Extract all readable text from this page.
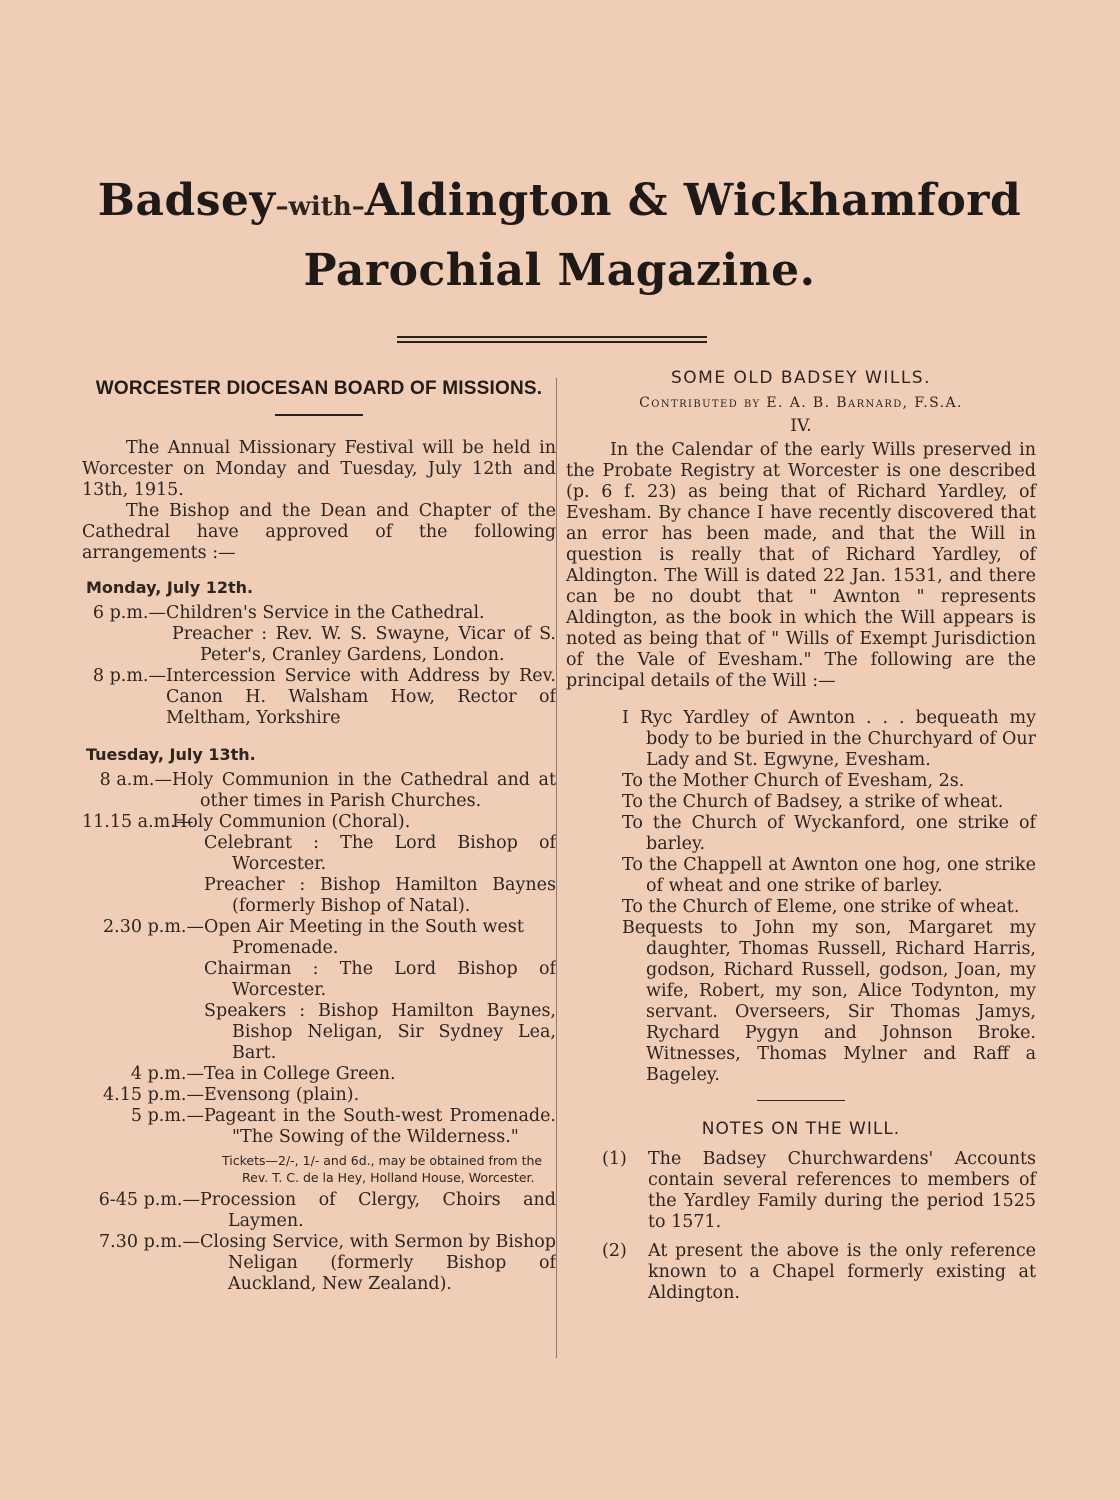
Badsey–with–Aldington & Wickhamford
Parochial Magazine.
WORCESTER DIOCESAN BOARD OF MISSIONS.

The Annual Missionary Festival will be held in Worcester on Monday and Tuesday, July 12th and 13th, 1915.

The Bishop and the Dean and Chapter of the Cathedral have approved of the following arrangements :—

Monday, July 12th.
6 p.m.— Children's Service in the Cathedral.
Preacher : Rev. W. S. Swayne, Vicar of S. Peter's, Cranley Gardens, London.
8 p.m.— Intercession Service with Address by Rev. Canon H. Walsham How, Rector of Meltham, Yorkshire
Tuesday, July 13th.
8 a.m.— Holy Communion in the Cathedral and at other times in Parish Churches.
11.15 a.m.—
Holy Communion (Choral).
Celebrant : The Lord Bishop of Worcester.
Preacher : Bishop Hamilton Baynes (formerly Bishop of Natal).
2.30 p.m.— Open Air Meeting in the South west Promenade.
Chairman : The Lord Bishop of Worcester.
Speakers : Bishop Hamilton Baynes, Bishop Neligan, Sir Sydney Lea, Bart.
4 p.m.— Tea in College Green.
4.15 p.m.— Evensong (plain).
5 p.m.— Pageant in the South-west Promenade. "The Sowing of the Wilderness."
Tickets—2/-, 1/- and 6d., may be obtained from the Rev. T. C. de la Hey, Holland House, Worcester.
6-45 p.m.— Procession of Clergy, Choirs and Laymen.
7.30 p.m.— Closing Service, with Sermon by Bishop Neligan (formerly Bishop of Auckland, New Zealand).
SOME OLD BADSEY WILLS.
Contributed by E. A. B. Barnard, F.S.A.
IV.

In the Calendar of the early Wills preserved in the Probate Registry at Worcester is one described (p. 6 f. 23) as being that of Richard Yardley, of Evesham. By chance I have recently discovered that an error has been made, and that the Will in question is really that of Richard Yardley, of Aldington. The Will is dated 22 Jan. 1531, and there can be no doubt that " Awnton " represents Aldington, as the book in which the Will appears is noted as being that of " Wills of Exempt Jurisdiction of the Vale of Evesham." The following are the principal details of the Will :—

I Ryc Yardley of Awnton . . . bequeath my body to be buried in the Churchyard of Our Lady and St. Egwyne, Evesham.
To the Mother Church of Evesham, 2s.
To the Church of Badsey, a strike of wheat.
To the Church of Wyckanford, one strike of barley.
To the Chappell at Awnton one hog, one strike of wheat and one strike of barley.
To the Church of Eleme, one strike of wheat.
Bequests to John my son, Margaret my daughter, Thomas Russell, Richard Harris, godson, Richard Russell, godson, Joan, my wife, Robert, my son, Alice Todynton, my servant. Overseers, Sir Thomas Jamys, Rychard Pygyn and Johnson Broke. Witnesses, Thomas Mylner and Raff a Bageley.
NOTES ON THE WILL.
(1)	The Badsey Churchwardens' Accounts contain several references to members of the Yardley Family during the period 1525 to 1571.
(2)	At present the above is the only reference known to a Chapel formerly existing at Aldington.
